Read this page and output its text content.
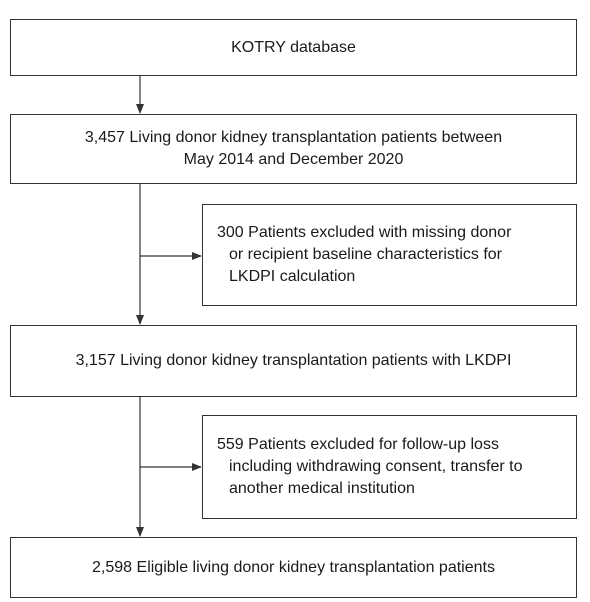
KOTRY database
3,457 Living donor kidney transplantation patients between
May 2014 and December 2020
300 Patients excluded with missing donor
or recipient baseline characteristics for
LKDPI calculation
3,157 Living donor kidney transplantation patients with LKDPI
559 Patients excluded for follow-up loss
including withdrawing consent, transfer to
another medical institution
2,598 Eligible living donor kidney transplantation patients
